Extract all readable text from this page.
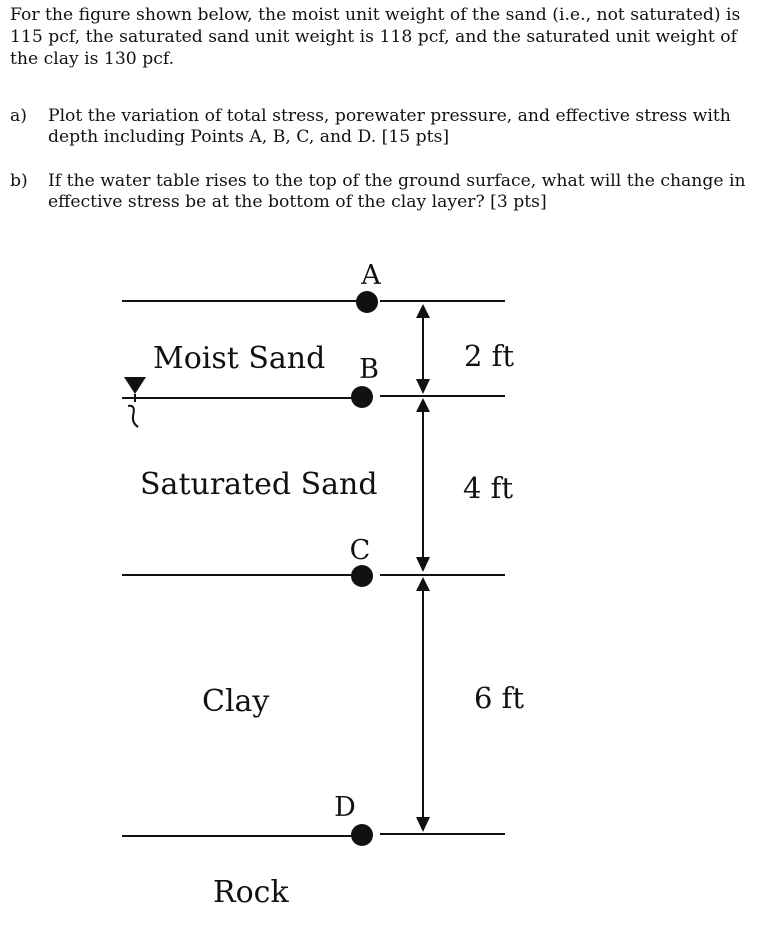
For the figure shown below, the moist unit weight of the sand (i.e., not saturated) is 115 pcf, the saturated sand unit weight is 118 pcf, and the saturated unit weight of the clay is 130 pcf.

a) Plot the variation of total stress, porewater pressure, and effective stress with depth including Points A, B, C, and D. [15 pts]
b) If the water table rises to the top of the ground surface, what will the change in effective stress be at the bottom of the clay layer? [3 pts]
A
B
C
D
Moist Sand
Saturated Sand
Clay
Rock
2 ft
4 ft
6 ft
